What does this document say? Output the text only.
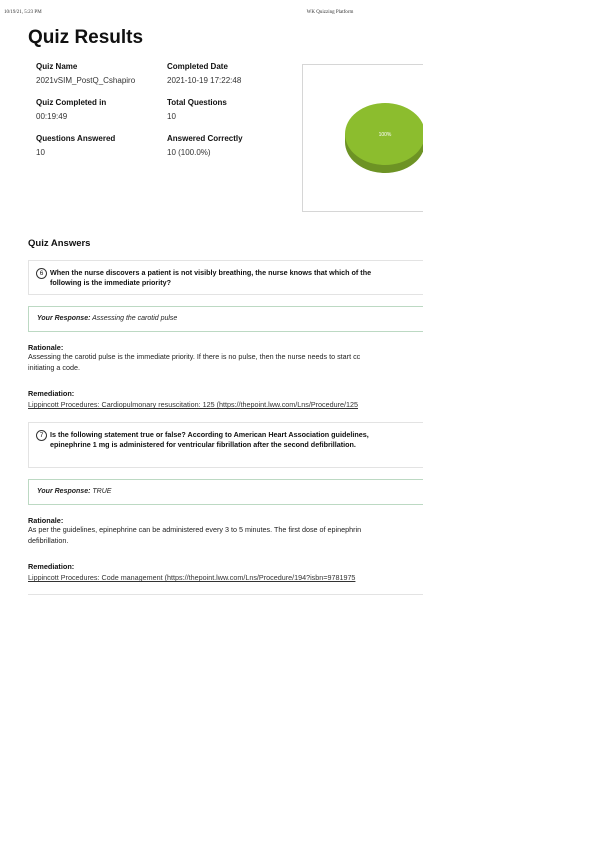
10/19/21, 5:23 PM	WK Quizzing Platform
Quiz Results
Quiz Name
2021vSIM_PostQ_Cshapiro
Completed Date
2021-10-19 17:22:48
Quiz Completed in
00:19:49
Total Questions
10
Questions Answered
10
Answered Correctly
10 (100.0%)
100%
Quiz Answers
6 When the nurse discovers a patient is not visibly breathing, the nurse knows that which of the following is the immediate priority?
Your Response: Assessing the carotid pulse
Rationale:
Assessing the carotid pulse is the immediate priority. If there is no pulse, then the nurse needs to start cc
initiating a code.
Remediation:
Lippincott Procedures: Cardiopulmonary resuscitation: 125 (https://thepoint.lww.com/Lns/Procedure/125
7 Is the following statement true or false? According to American Heart Association guidelines, epinephrine 1 mg is administered for ventricular fibrillation after the second defibrillation.
Your Response: TRUE
Rationale:
As per the guidelines, epinephrine can be administered every 3 to 5 minutes. The first dose of epinephrin
defibrillation.
Remediation:
Lippincott Procedures: Code management (https://thepoint.lww.com/Lns/Procedure/194?isbn=9781975
